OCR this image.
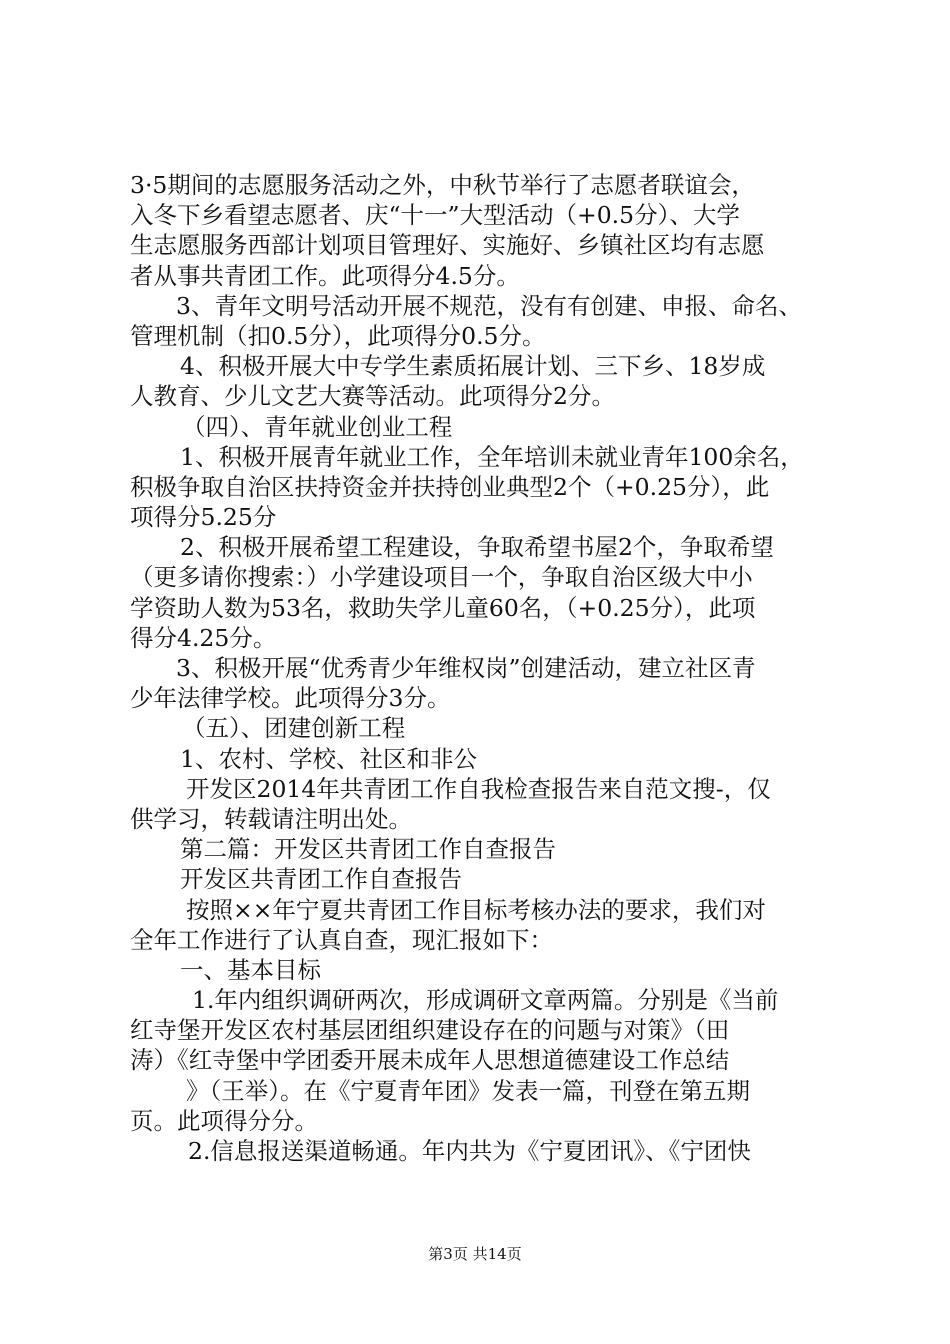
3·5期间的志愿服务活动之外，中秋节举行了志愿者联谊会，
入冬下乡看望志愿者、庆“十一”大型活动（+0.5分）、大学
生志愿服务西部计划项目管理好、实施好、乡镇社区均有志愿
者从事共青团工作。此项得分4.5分。
3、青年文明号活动开展不规范，没有有创建、申报、命名、
管理机制（扣0.5分），此项得分0.5分。
4、积极开展大中专学生素质拓展计划、三下乡、18岁成
人教育、少儿文艺大赛等活动。此项得分2分。
（四）、青年就业创业工程
1、积极开展青年就业工作，全年培训未就业青年100余名，
积极争取自治区扶持资金并扶持创业典型2个（+0.25分），此
项得分5.25分
2、积极开展希望工程建设，争取希望书屋2个，争取希望
（更多请你搜索：）小学建设项目一个，争取自治区级大中小
学资助人数为53名，救助失学儿童60名，（+0.25分），此项
得分4.25分。
3、积极开展“优秀青少年维权岗”创建活动，建立社区青
少年法律学校。此项得分3分。
（五）、团建创新工程
1、农村、学校、社区和非公
开发区2014年共青团工作自我检查报告来自范文搜-，仅
供学习，转载请注明出处。
第二篇：开发区共青团工作自查报告
开发区共青团工作自查报告
按照××年宁夏共青团工作目标考核办法的要求，我们对
全年工作进行了认真自查，现汇报如下：
一、基本目标
1.年内组织调研两次，形成调研文章两篇。分别是《当前
红寺堡开发区农村基层团组织建设存在的问题与对策》（田
涛）《红寺堡中学团委开展未成年人思想道德建设工作总结
》（王举）。在《宁夏青年团》发表一篇，刊登在第五期
页。此项得分分。
2.信息报送渠道畅通。年内共为《宁夏团讯》、《宁团快
第3页 共14页
